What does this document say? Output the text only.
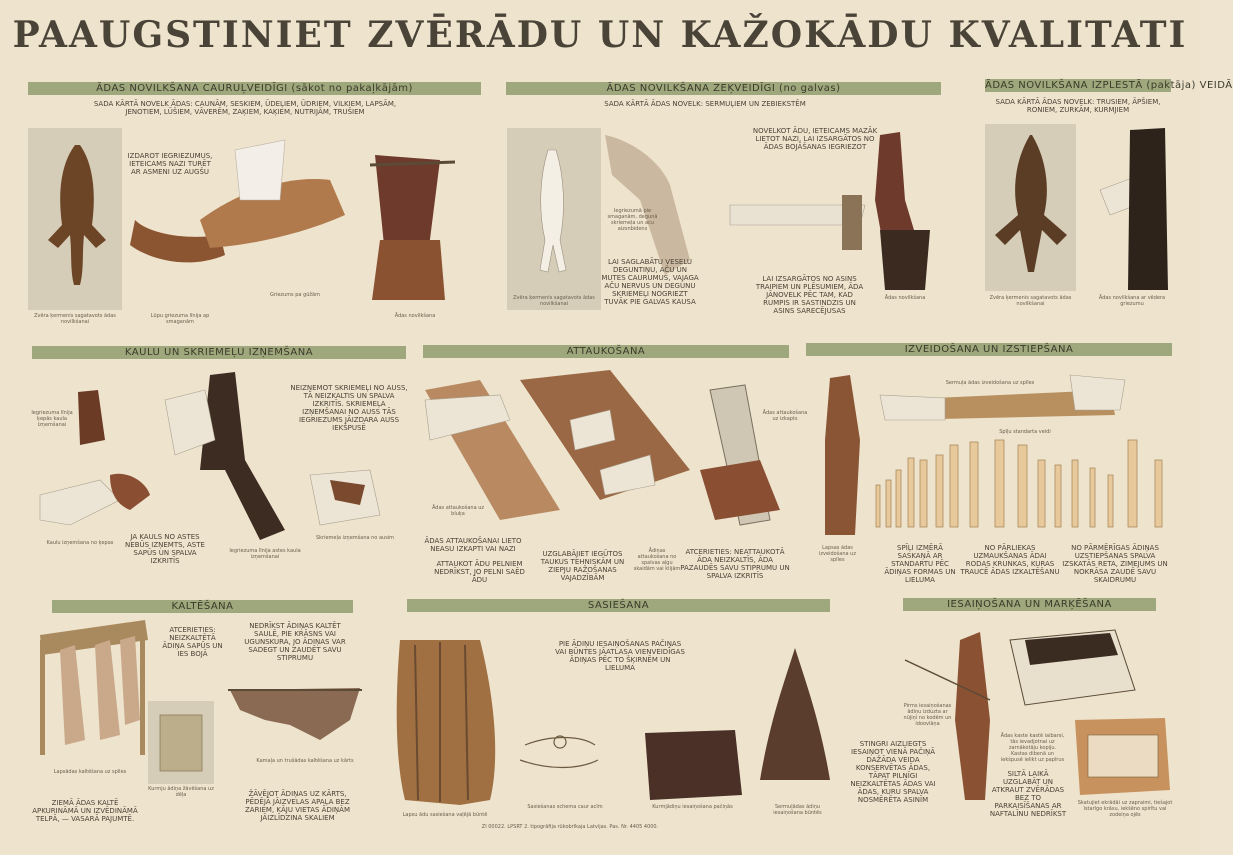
PAAUGSTINIET ZVĒRĀDU UN KAŽOKĀDU KVALITATI
ĀDAS NOVILKŠANA CAURUĻVEIDĪGI (sākot no pakaļkājām)	ĀDAS NOVILKŠANA ZEĶVEIDĪGI (no galvas)	ĀDAS NOVILKŠANA IZPLESTĀ (paktāja) VEIDĀ
KAULU UN SKRIEMEĻU IZŅEMŠANA	ATTAUKOŠANA	IZVEIDOŠANA UN IZSTIEPŠANA
KALTĒŠANA	SASIEŠANA	IESAIŅOŠANA UN MARĶĒŠANA
SADA KĀRTĀ NOVELK ĀDAS: CAUNĀM, SESKIEM, ŪDEĻIEM, ŪDRIEM, VILKIEM, LAPSĀM, JENOTIEM, LŪŠIEM, VĀVERĒM, ZAĶIEM, KAĶIEM, NUTRIJĀM, TRUŠIEM
IZDAROT IEGRIEZUMUS, IETEICAMS NAZI TURĒT AR ASMENI UZ AUGŠU
SADA KĀRTĀ ĀDAS NOVELK: SERMUĻIEM UN ZEBIEKSTĒM
NOVELKOT ĀDU, IETEICAMS MAZĀK LIETOT NAZI, LAI IZSARGĀTOS NO ĀDAS BOJĀŠANAS IEGRIEZOT
LAI SAGLABĀTU VESELU DEGUNTIŅU, AČU UN MUTES CAURUMUS, VAJAGA AČU NERVUS UN DEGUNU SKRIEMEĻI NOGRIEZT TUVĀK PIE GALVAS KAUSA
LAI IZSARGĀTOS NO ASINS TRAIPIEM UN PLĒSUMIEM, ĀDA JĀNOVELK PĒC TAM, KAD RUMPIS IR SASTINDZIS UN ASINS SARECĒJUSAS
SADA KĀRTĀ ĀDAS NOVELK: TRUSIEM, ĀPŠIEM, RONIEM, ZURKĀM, KURMJIEM
NEIZŅEMOT SKRIEMEĻI NO AUSS, TĀ NEIZKALTIS UN SPALVA IZKRITĪS. SKRIEMEĻA IZŅEMŠANAI NO AUSS TĀS IEGRIEZUMS JĀIZDARA AUSS IEKŠPUSĒ
JA KAULS NO ASTES NEBŪS IZŅEMTS, ASTE SAPŪS UN SPALVA IZKRITĪS
ĀDAS ATTAUKOŠANAI LIETO NEASU IZKAPTI VAI NAZI
ATTAUKOT ĀDU PELNIEM NEDRĪKST, JO PELNI SAĒD ĀDU
UZGLABĀJIET IEGŪTOS TAUKUS TEHNISKĀM UN ZIEPJU RAŽOŠANAS VAJADZĪBĀM
ATCERIETIES: NEATTAUKOTĀ ĀDA NEIZKALTĪS, ĀDA PAZAUDĒS SAVU STIPRUMU UN SPALVA IZKRITĪS
SPĪĻI IZMĒRĀ SASKAŅĀ AR STANDARTU PĒC ĀDIŅAS FORMAS UN LIELUMA
NO PĀRLIEKAS UZMAUKŠANAS ĀDAI RODAS KRUNKAS, KURAS TRAUCĒ ĀDAS IZKALTĒŠANU
NO PĀRMĒRĪGAS ĀDIŅAS UZSTIEPŠANAS SPALVA IZSKATĀS RETA, ZIMEJUMS UN NOKRĀSA ZAUDĒ SAVU SKAIDRUMU
ATCERIETIES: NEIZKALTĒTĀ ĀDIŅA SAPŪS UN IES BOJĀ
NEDRĪKST ĀDIŅAS KALTĒT SAULĒ, PIE KRĀSNS VAI UGUNSKURA, JO ĀDIŅAS VAR SADEGT UN ZAUDĒT SAVU STIPRUMU
ZIEMĀ ĀDAS KALTĒ APKURINĀMĀ UN IZVĒDINĀMĀ TELPĀ, — VASARĀ PAJUMTĒ.
ŽĀVĒJOT ĀDIŅAS UZ KĀRTS, PĒDĒJĀ JĀIZVELAS APAĻA BEZ ZARIEM, KĀJU VIETAS ĀDIŅĀM JĀIZLĪDZINA SKALIEM
PIE ĀDIŅU IESAIŅOŠANAS PAČIŅAS VAI BŪNTES JĀATLASA VIENVEIDĪGAS ĀDIŅAS PĒC TO ŠĶIRNĒM UN LIELUMA
STINGRI AIZLIEGTS IESAIŅOT VIENĀ PAČIŅĀ DAŽĀDA VEIDA KONSERVĒTAS ĀDAS, TĀPAT PILNĪGI NEIZKALTĒTAS ĀDAS VAI ĀDAS, KURU SPALVA NOSMĒRĒTA ASINĪM
SILTĀ LAIKĀ UZGLABĀT UN ATKRAUT ZVĒRĀDAS BEZ TO PARKAISĪŠANAS AR NAFTALĪNU NEDRĪKST
Zvēra ķermenis sagatavots ādas novilkšanai
Lūpu griezuma līnija ap smaganām
Griezums pa gūžām
Ādas novilkšana
Iegriezumā pie smaganām, degunā skriemeļa un acu aizsnbidens
Zvēra ķermenis sagatavots ādas novilkšanai
Ādas novilkšana	Zvēra ķermenis sagatavots ādas novilkšanai
Ādas novilkšana ar vēdera griezumu
Iegriezuma līnija ķepās kaula izņemšanai
Kaulu izņemšana no ķepas
Iegriezuma līnija astes kaula izņemšanai
Skriemeļa izņemšana no ausim
Ādas attaukošana uz bluķa
Ādas attaukošana uz izkapts
Ādiņas attaukošana no spalvas aļgu skaidām vai klijām
Lapsas ādas izveidošana uz spīles
Sermuļa ādas izveidošana uz spīles
Spīļu standarta veidi
Lapsādas kaltēšana uz spīles
Kurmju ādiņa žāvēšana uz dēļa
Kamaļa un trušādas kaltēšana uz kārts
Lapsu ādu sasiešana vaļējā būntē
Sasiešanas schema caur acīm	Kurmjādiņu iesaiņošana pačiņās	Sermuļādas ādiņu iesaiņošana būntēs
Pirms iesaiņošanas ādiņu izduzta ar nūjiņi no kodēm un idoovlāņa
Ādas kaste kastē iaibarsi, tās ievadjotnai uz zarnākotāju kopiju. Kastas dibenā un iekšpusē ielikt uz papīrus
Skatujiet ekrādāi uz zapraimi, tiešajot īstarīgo krāsu, iekšēno spirītu vai zodeiņa ojēs
ZI 00022. LPSRT 2. tipogrāfija rūkobrīkaja Latvijas. Pas. Nr. 4405 4000.
